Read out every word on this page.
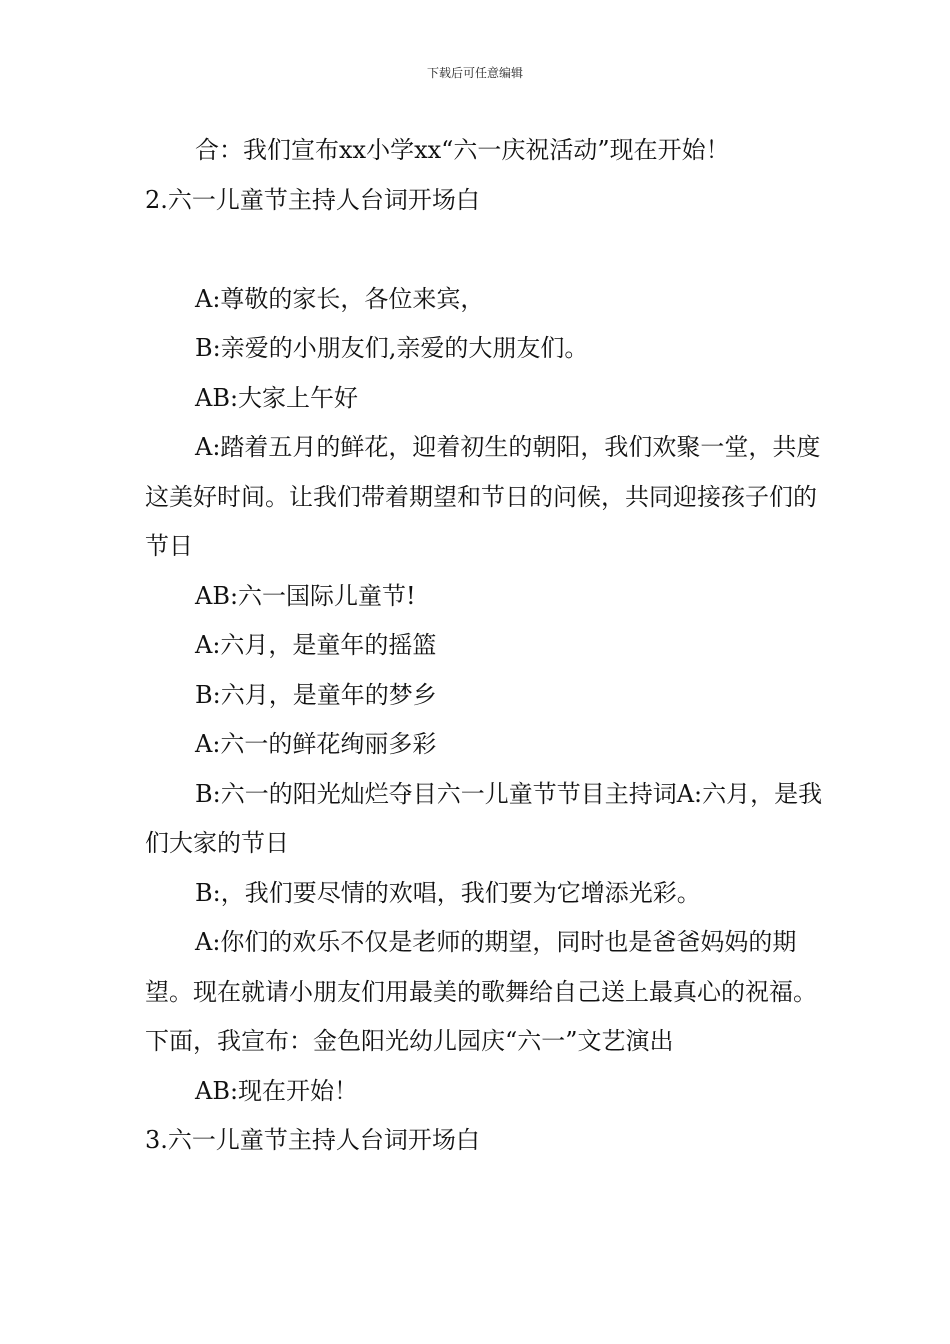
下载后可任意编辑

合：我们宣布xx小学xx“六一庆祝活动”现在开始！

2.六一儿童节主持人台词开场白

A:尊敬的家长，各位来宾，

B:亲爱的小朋友们,亲爱的大朋友们。

AB:大家上午好

A:踏着五月的鲜花，迎着初生的朝阳，我们欢聚一堂，共度这美好时间。让我们带着期望和节日的问候，共同迎接孩子们的节日

AB:六一国际儿童节!

A:六月，是童年的摇篮

B:六月，是童年的梦乡

A:六一的鲜花绚丽多彩

B:六一的阳光灿烂夺目六一儿童节节目主持词A:六月，是我们大家的节日

B:，我们要尽情的欢唱，我们要为它增添光彩。

A:你们的欢乐不仅是老师的期望，同时也是爸爸妈妈的期望。现在就请小朋友们用最美的歌舞给自己送上最真心的祝福。下面，我宣布：金色阳光幼儿园庆“六一”文艺演出

AB:现在开始！

3.六一儿童节主持人台词开场白
